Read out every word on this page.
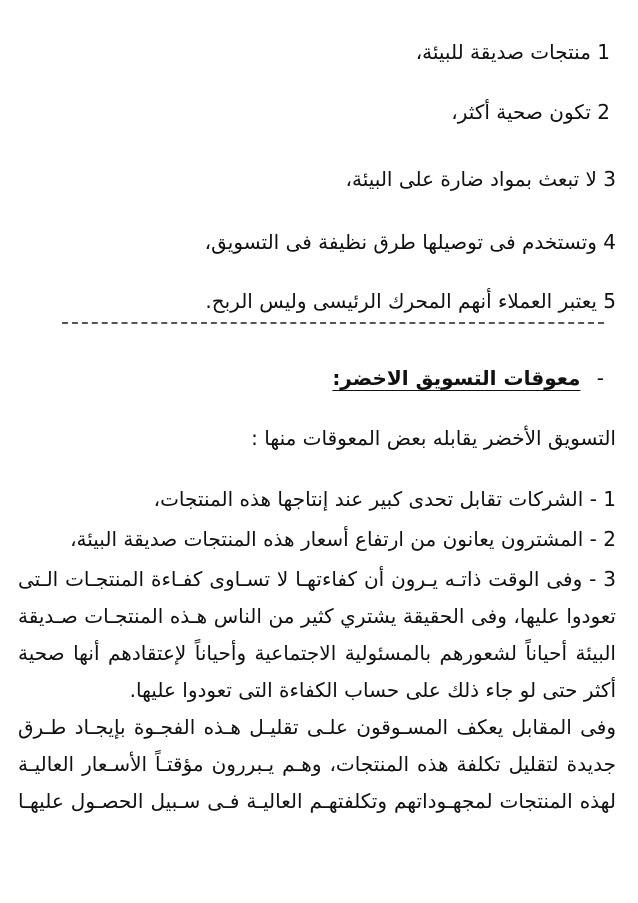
1 منتجات صديقة للبيئة،
2 تكون صحية أكثر،
3 لا تبعث بمواد ضارة على البيئة،
4 وتستخدم فى توصيلها طرق نظيفة فى التسويق،
5 يعتبر العملاء أنهم المحرك الرئيسى وليس الربح.
- معوقات التسويق الاخضر:
التسويق الأخضر يقابله بعض المعوقات منها :
1 - الشركات تقابل تحدى كبير عند إنتاجها هذه المنتجات،
2 - المشترون يعانون من ارتفاع أسعار هذه المنتجات صديقة البيئة،
3 - وفى الوقت ذاتـه يـرون أن كفاءتهـا لا تسـاوى كفـاءة المنتجـات الـتى
تعودوا عليها، وفى الحقيقة يشتري كثير من الناس هـذه المنتجـات صـديقة
البيئة أحياناً لشعورهم بالمسئولية الاجتماعية وأحياناً لإعتقادهم أنها صحية
أكثر حتى لو جاء ذلك على حساب الكفاءة التى تعودوا عليها.
وفى المقابل يعكف المسـوقون علـى تقليـل هـذه الفجـوة بإيجـاد طـرق
جديدة لتقليل تكلفة هذه المنتجات، وهـم يـبررون مؤقتـاً الأسـعار العاليـة
لهذه المنتجات لمجهـوداتهم وتكلفتهـم العاليـة فـى سـبيل الحصـول عليهـا
